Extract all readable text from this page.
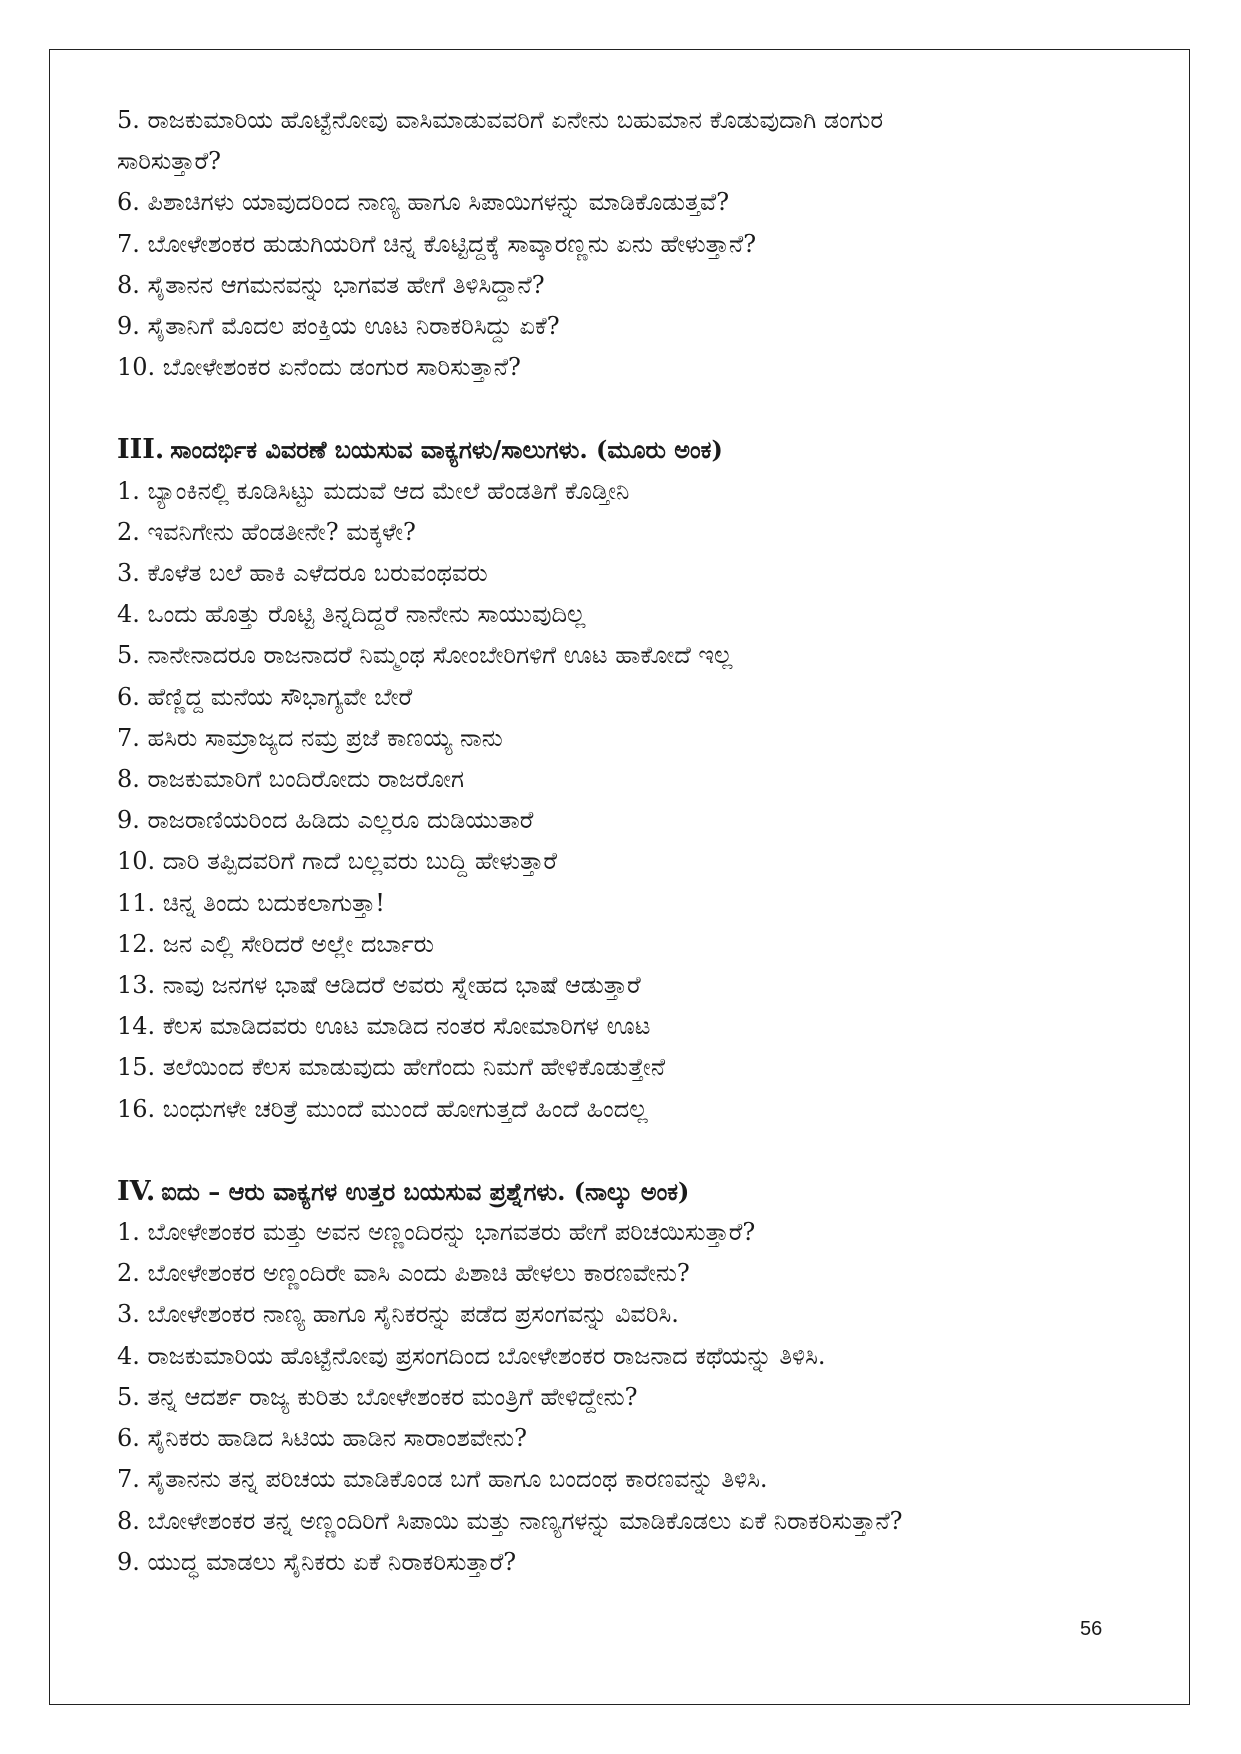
5. ರಾಜಕುಮಾರಿಯ ಹೊಟ್ಟೆನೋವು ವಾಸಿಮಾಡುವವರಿಗೆ ಏನೇನು ಬಹುಮಾನ ಕೊಡುವುದಾಗಿ ಡಂಗುರ
ಸಾರಿಸುತ್ತಾರೆ?
6. ಪಿಶಾಚಿಗಳು ಯಾವುದರಿಂದ ನಾಣ್ಯ ಹಾಗೂ ಸಿಪಾಯಿಗಳನ್ನು ಮಾಡಿಕೊಡುತ್ತವೆ?
7. ಬೋಳೇಶಂಕರ ಹುಡುಗಿಯರಿಗೆ ಚಿನ್ನ ಕೊಟ್ಟಿದ್ದಕ್ಕೆ ಸಾವ್ಕಾರಣ್ಣನು ಏನು ಹೇಳುತ್ತಾನೆ?
8. ಸೈತಾನನ ಆಗಮನವನ್ನು ಭಾಗವತ ಹೇಗೆ ತಿಳಿಸಿದ್ದಾನೆ?
9. ಸೈತಾನಿಗೆ ಮೊದಲ ಪಂಕ್ತಿಯ ಊಟ ನಿರಾಕರಿಸಿದ್ದು ಏಕೆ?
10. ಬೋಳೇಶಂಕರ ಏನೆಂದು ಡಂಗುರ ಸಾರಿಸುತ್ತಾನೆ?
III. ಸಾಂದರ್ಭಿಕ ವಿವರಣೆ ಬಯಸುವ ವಾಕ್ಯಗಳು/ಸಾಲುಗಳು. (ಮೂರು ಅಂಕ)
1. ಬ್ಯಾಂಕಿನಲ್ಲಿ ಕೂಡಿಸಿಟ್ಟು ಮದುವೆ ಆದ ಮೇಲೆ ಹೆಂಡತಿಗೆ ಕೊಡ್ತೀನಿ
2. ಇವನಿಗೇನು ಹೆಂಡತೀನೇ? ಮಕ್ಕಳೇ?
3. ಕೊಳೆತ ಬಲೆ ಹಾಕಿ ಎಳೆದರೂ ಬರುವಂಥವರು
4. ಒಂದು ಹೊತ್ತು ರೊಟ್ಟಿ ತಿನ್ನದಿದ್ದರೆ ನಾನೇನು ಸಾಯುವುದಿಲ್ಲ
5. ನಾನೇನಾದರೂ ರಾಜನಾದರೆ ನಿಮ್ಮಂಥ ಸೋಂಬೇರಿಗಳಿಗೆ ಊಟ ಹಾಕೋದೆ ಇಲ್ಲ
6. ಹೆಣ್ಣಿದ್ದ ಮನೆಯ ಸೌಭಾಗ್ಯವೇ ಬೇರೆ
7. ಹಸಿರು ಸಾಮ್ರಾಜ್ಯದ ನಮ್ರ ಪ್ರಜೆ ಕಾಣಯ್ಯ ನಾನು
8. ರಾಜಕುಮಾರಿಗೆ ಬಂದಿರೋದು ರಾಜರೋಗ
9. ರಾಜರಾಣಿಯರಿಂದ ಹಿಡಿದು ಎಲ್ಲರೂ ದುಡಿಯುತಾರೆ
10. ದಾರಿ ತಪ್ಪಿದವರಿಗೆ ಗಾದೆ ಬಲ್ಲವರು ಬುದ್ದಿ ಹೇಳುತ್ತಾರೆ
11. ಚಿನ್ನ ತಿಂದು ಬದುಕಲಾಗುತ್ತಾ!
12. ಜನ ಎಲ್ಲಿ ಸೇರಿದರೆ ಅಲ್ಲೇ ದರ್ಬಾರು
13. ನಾವು ಜನಗಳ ಭಾಷೆ ಆಡಿದರೆ ಅವರು ಸ್ನೇಹದ ಭಾಷೆ ಆಡುತ್ತಾರೆ
14. ಕೆಲಸ ಮಾಡಿದವರು ಊಟ ಮಾಡಿದ ನಂತರ ಸೋಮಾರಿಗಳ ಊಟ
15. ತಲೆಯಿಂದ ಕೆಲಸ ಮಾಡುವುದು ಹೇಗೆಂದು ನಿಮಗೆ ಹೇಳಿಕೊಡುತ್ತೇನೆ
16. ಬಂಧುಗಳೇ ಚರಿತ್ರೆ ಮುಂದೆ ಮುಂದೆ ಹೋಗುತ್ತದೆ ಹಿಂದೆ ಹಿಂದಲ್ಲ
IV. ಐದು – ಆರು ವಾಕ್ಯಗಳ ಉತ್ತರ ಬಯಸುವ ಪ್ರಶ್ನೆಗಳು. (ನಾಲ್ಕು ಅಂಕ)
1. ಬೋಳೇಶಂಕರ ಮತ್ತು ಅವನ ಅಣ್ಣಂದಿರನ್ನು ಭಾಗವತರು ಹೇಗೆ ಪರಿಚಯಿಸುತ್ತಾರೆ?
2. ಬೋಳೇಶಂಕರ ಅಣ್ಣಂದಿರೇ ವಾಸಿ ಎಂದು ಪಿಶಾಚಿ ಹೇಳಲು ಕಾರಣವೇನು?
3. ಬೋಳೇಶಂಕರ ನಾಣ್ಯ ಹಾಗೂ ಸೈನಿಕರನ್ನು ಪಡೆದ ಪ್ರಸಂಗವನ್ನು ವಿವರಿಸಿ.
4. ರಾಜಕುಮಾರಿಯ ಹೊಟ್ಟೆನೋವು ಪ್ರಸಂಗದಿಂದ ಬೋಳೇಶಂಕರ ರಾಜನಾದ ಕಥೆಯನ್ನು ತಿಳಿಸಿ.
5. ತನ್ನ ಆದರ್ಶ ರಾಜ್ಯ ಕುರಿತು ಬೋಳೇಶಂಕರ ಮಂತ್ರಿಗೆ ಹೇಳಿದ್ದೇನು?
6. ಸೈನಿಕರು ಹಾಡಿದ ಸಿಟಿಯ ಹಾಡಿನ ಸಾರಾಂಶವೇನು?
7. ಸೈತಾನನು ತನ್ನ ಪರಿಚಯ ಮಾಡಿಕೊಂಡ ಬಗೆ ಹಾಗೂ ಬಂದಂಥ ಕಾರಣವನ್ನು ತಿಳಿಸಿ.
8. ಬೋಳೇಶಂಕರ ತನ್ನ ಅಣ್ಣಂದಿರಿಗೆ ಸಿಪಾಯಿ ಮತ್ತು ನಾಣ್ಯಗಳನ್ನು ಮಾಡಿಕೊಡಲು ಏಕೆ ನಿರಾಕರಿಸುತ್ತಾನೆ?
9. ಯುದ್ಧ ಮಾಡಲು ಸೈನಿಕರು ಏಕೆ ನಿರಾಕರಿಸುತ್ತಾರೆ?
56
